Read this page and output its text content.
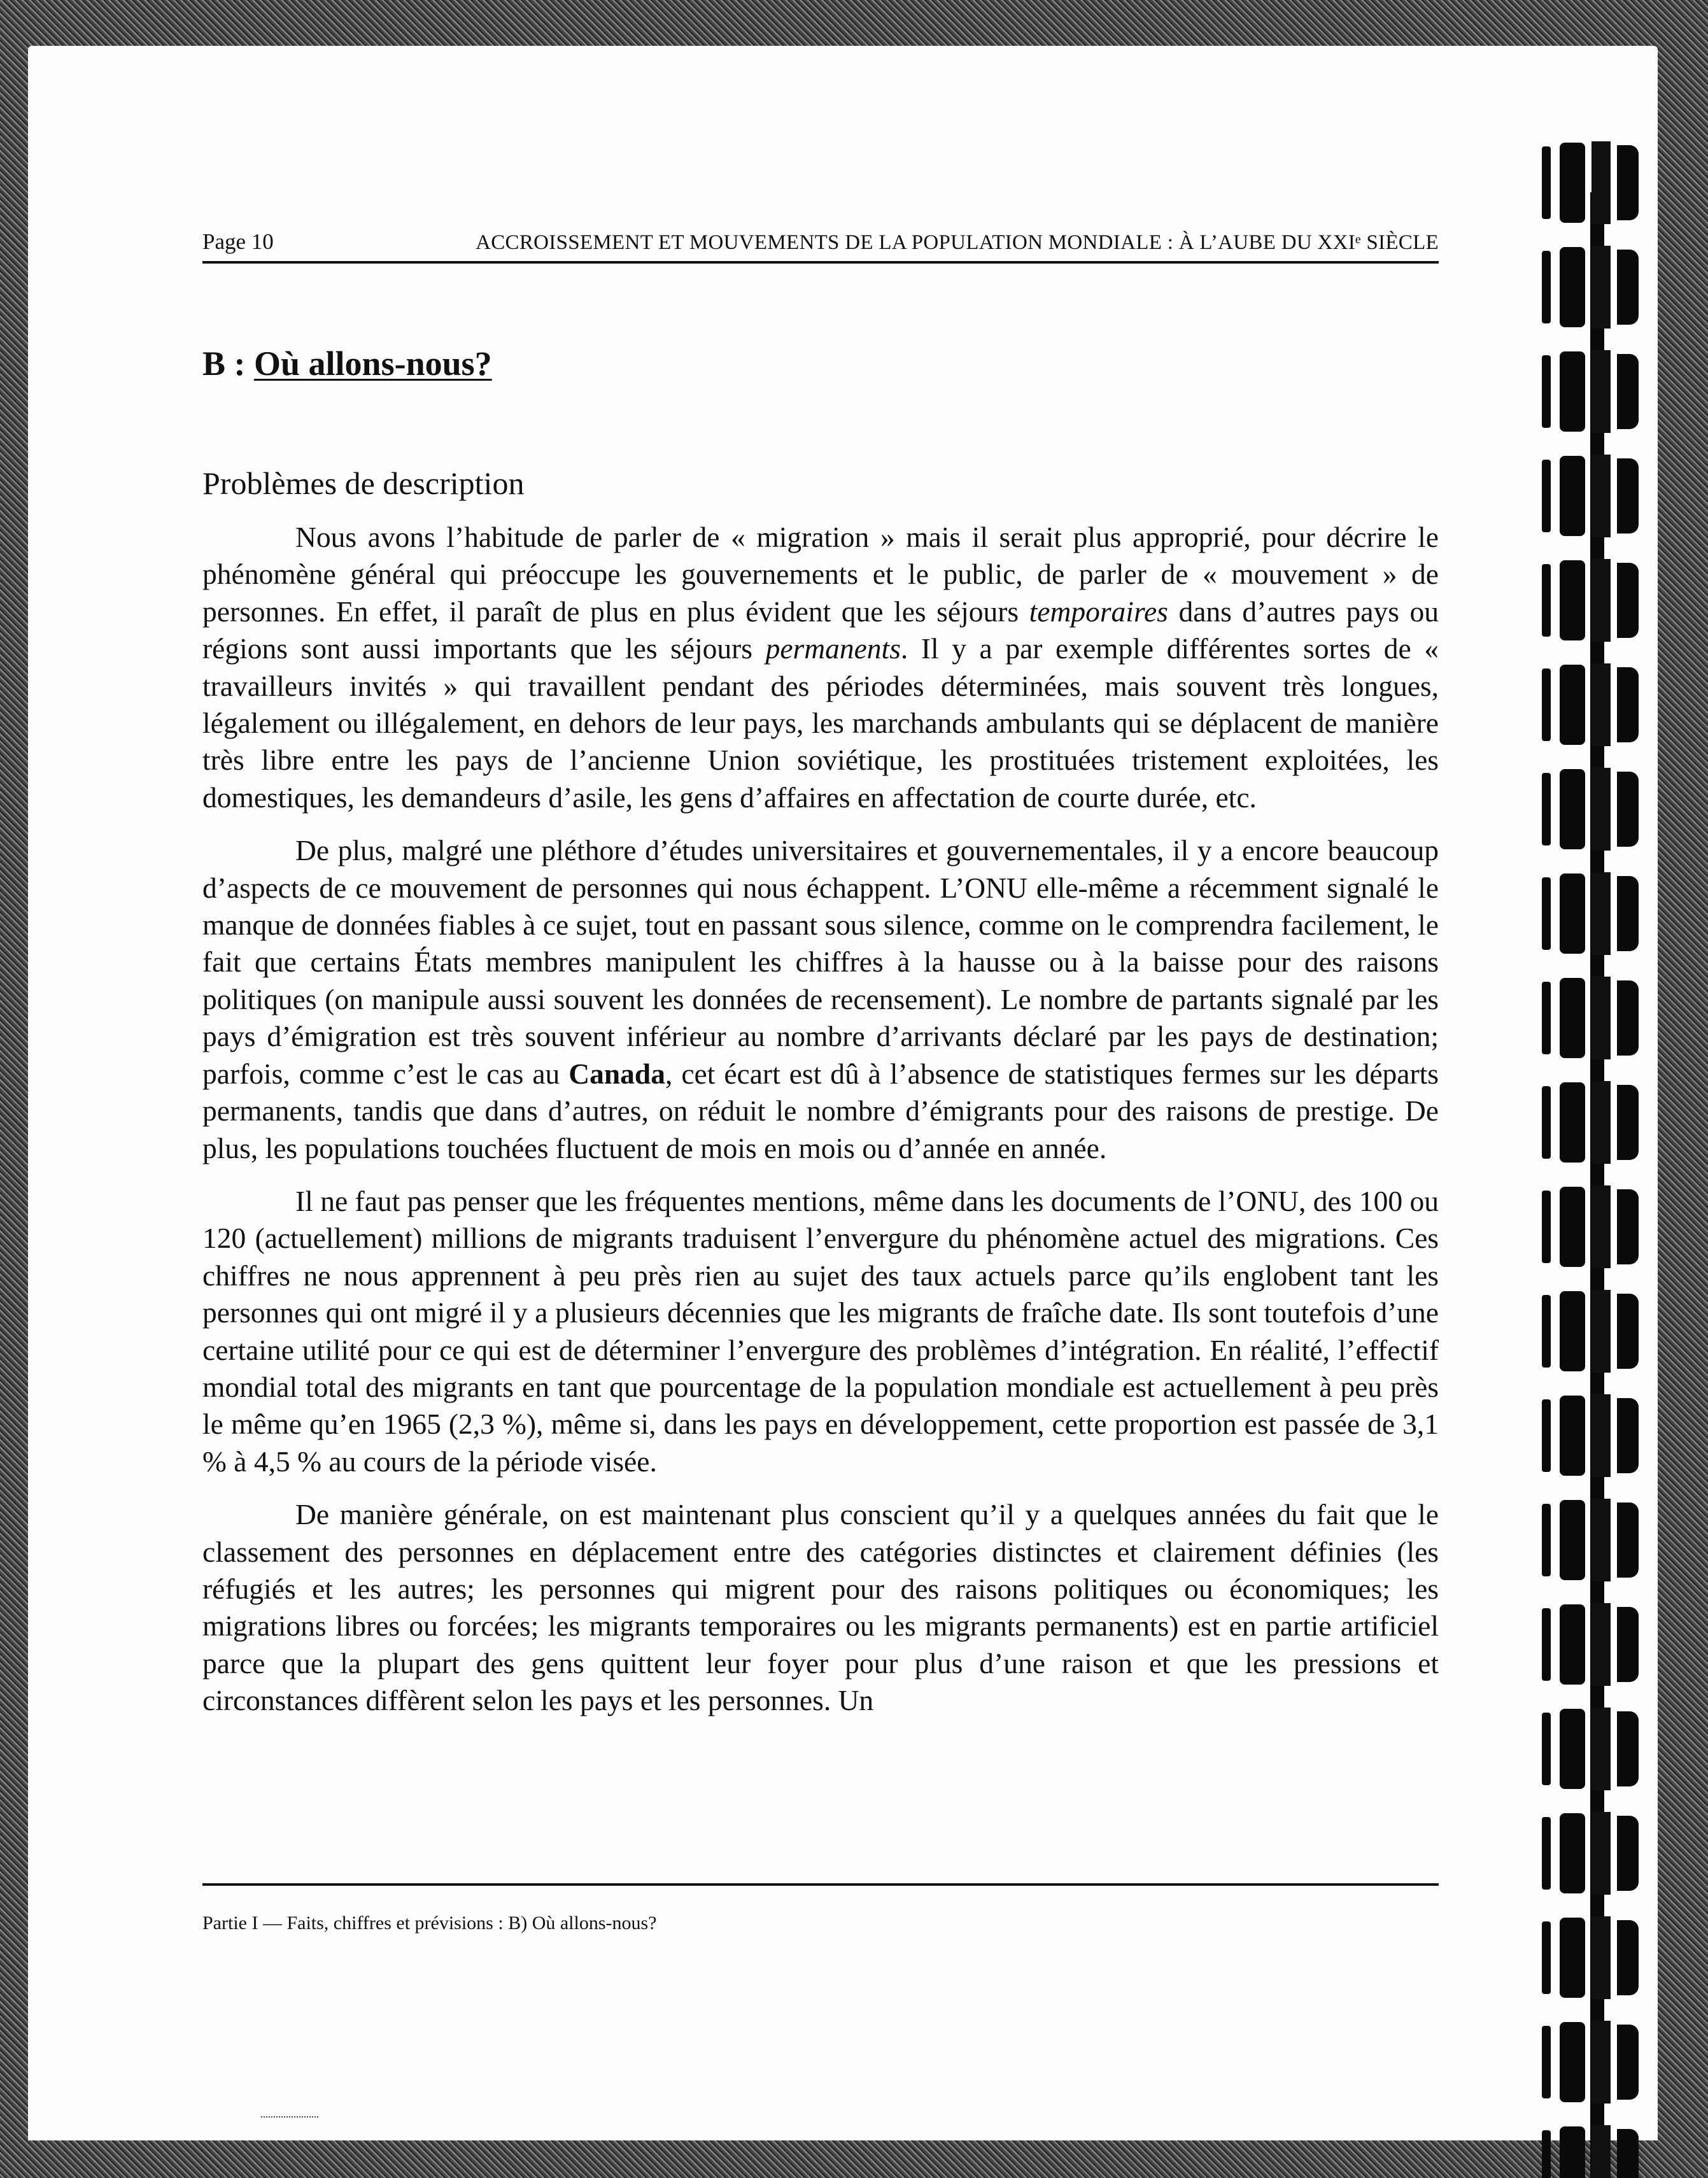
Page 10	ACCROISSEMENT ET MOUVEMENTS DE LA POPULATION MONDIALE : À L’AUBE DU XXIᵉ SIÈCLE
B : Où allons-nous?
Problèmes de description

Nous avons l’habitude de parler de « migration » mais il serait plus approprié, pour décrire le phénomène général qui préoccupe les gouvernements et le public, de parler de « mouvement » de personnes. En effet, il paraît de plus en plus évident que les séjours temporaires dans d’autres pays ou régions sont aussi importants que les séjours permanents. Il y a par exemple différentes sortes de « travailleurs invités » qui travaillent pendant des périodes déterminées, mais souvent très longues, légalement ou illégalement, en dehors de leur pays, les marchands ambulants qui se déplacent de manière très libre entre les pays de l’ancienne Union soviétique, les prostituées tristement exploitées, les domestiques, les demandeurs d’asile, les gens d’affaires en affectation de courte durée, etc.

De plus, malgré une pléthore d’études universitaires et gouvernementales, il y a encore beaucoup d’aspects de ce mouvement de personnes qui nous échappent. L’ONU elle-même a récemment signalé le manque de données fiables à ce sujet, tout en passant sous silence, comme on le comprendra facilement, le fait que certains États membres manipulent les chiffres à la hausse ou à la baisse pour des raisons politiques (on manipule aussi souvent les données de recensement). Le nombre de partants signalé par les pays d’émigration est très souvent inférieur au nombre d’arrivants déclaré par les pays de destination; parfois, comme c’est le cas au Canada, cet écart est dû à l’absence de statistiques fermes sur les départs permanents, tandis que dans d’autres, on réduit le nombre d’émigrants pour des raisons de prestige. De plus, les populations touchées fluctuent de mois en mois ou d’année en année.

Il ne faut pas penser que les fréquentes mentions, même dans les documents de l’ONU, des 100 ou 120 (actuellement) millions de migrants traduisent l’envergure du phénomène actuel des migrations. Ces chiffres ne nous apprennent à peu près rien au sujet des taux actuels parce qu’ils englobent tant les personnes qui ont migré il y a plusieurs décennies que les migrants de fraîche date. Ils sont toutefois d’une certaine utilité pour ce qui est de déterminer l’envergure des problèmes d’intégration. En réalité, l’effectif mondial total des migrants en tant que pourcentage de la population mondiale est actuellement à peu près le même qu’en 1965 (2,3 %), même si, dans les pays en développement, cette proportion est passée de 3,1 % à 4,5 % au cours de la période visée.

De manière générale, on est maintenant plus conscient qu’il y a quelques années du fait que le classement des personnes en déplacement entre des catégories distinctes et clairement définies (les réfugiés et les autres; les personnes qui migrent pour des raisons politiques ou économiques; les migrations libres ou forcées; les migrants temporaires ou les migrants permanents) est en partie artificiel parce que la plupart des gens quittent leur foyer pour plus d’une raison et que les pressions et circonstances diffèrent selon les pays et les personnes. Un

Partie I — Faits, chiffres et prévisions : B) Où allons-nous?
